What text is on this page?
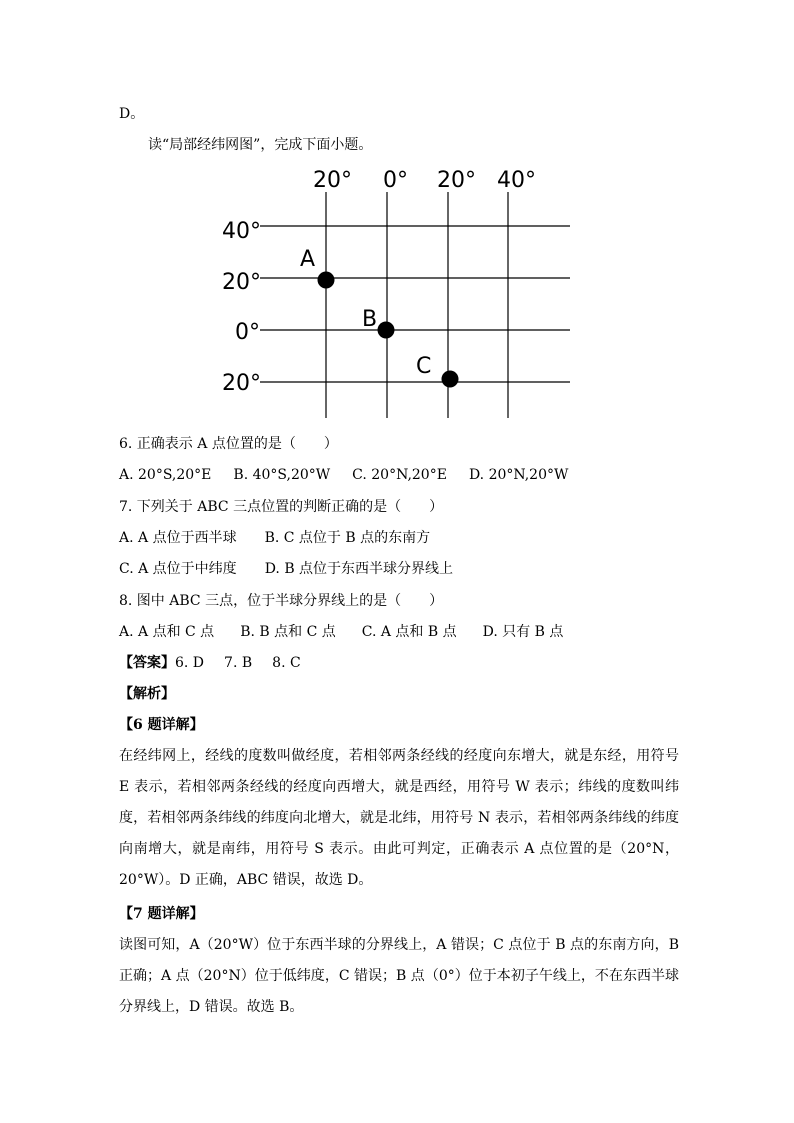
D。
读“局部经纬网图”，完成下面小题。
20° 0° 20° 40°
40°
20°
0°
20°
A
B
C
6. 正确表示 A 点位置的是（　　）
A. 20°S,20°E B. 40°S,20°W C. 20°N,20°E D. 20°N,20°W
7. 下列关于 ABC 三点位置的判断正确的是（　　）
A. A 点位于西半球 B. C 点位于 B 点的东南方
C. A 点位于中纬度 D. B 点位于东西半球分界线上
8. 图中 ABC 三点，位于半球分界线上的是（　　）
A. A 点和 C 点 B. B 点和 C 点 C. A 点和 B 点 D. 只有 B 点
【答案】6. D 7. B 8. C
【解析】
【6 题详解】
在经纬网上，经线的度数叫做经度，若相邻两条经线的经度向东增大，就是东经，用符号 E 表示，若相邻两条经线的经度向西增大，就是西经，用符号 W 表示；纬线的度数叫纬度，若相邻两条纬线的纬度向北增大，就是北纬，用符号 N 表示，若相邻两条纬线的纬度向南增大，就是南纬，用符号 S 表示。由此可判定，正确表示 A 点位置的是（20°N，20°W）。D 正确，ABC 错误，故选 D。
【7 题详解】
读图可知，A（20°W）位于东西半球的分界线上，A 错误；C 点位于 B 点的东南方向，B 正确；A 点（20°N）位于低纬度，C 错误；B 点（0°）位于本初子午线上，不在东西半球分界线上，D 错误。故选 B。
